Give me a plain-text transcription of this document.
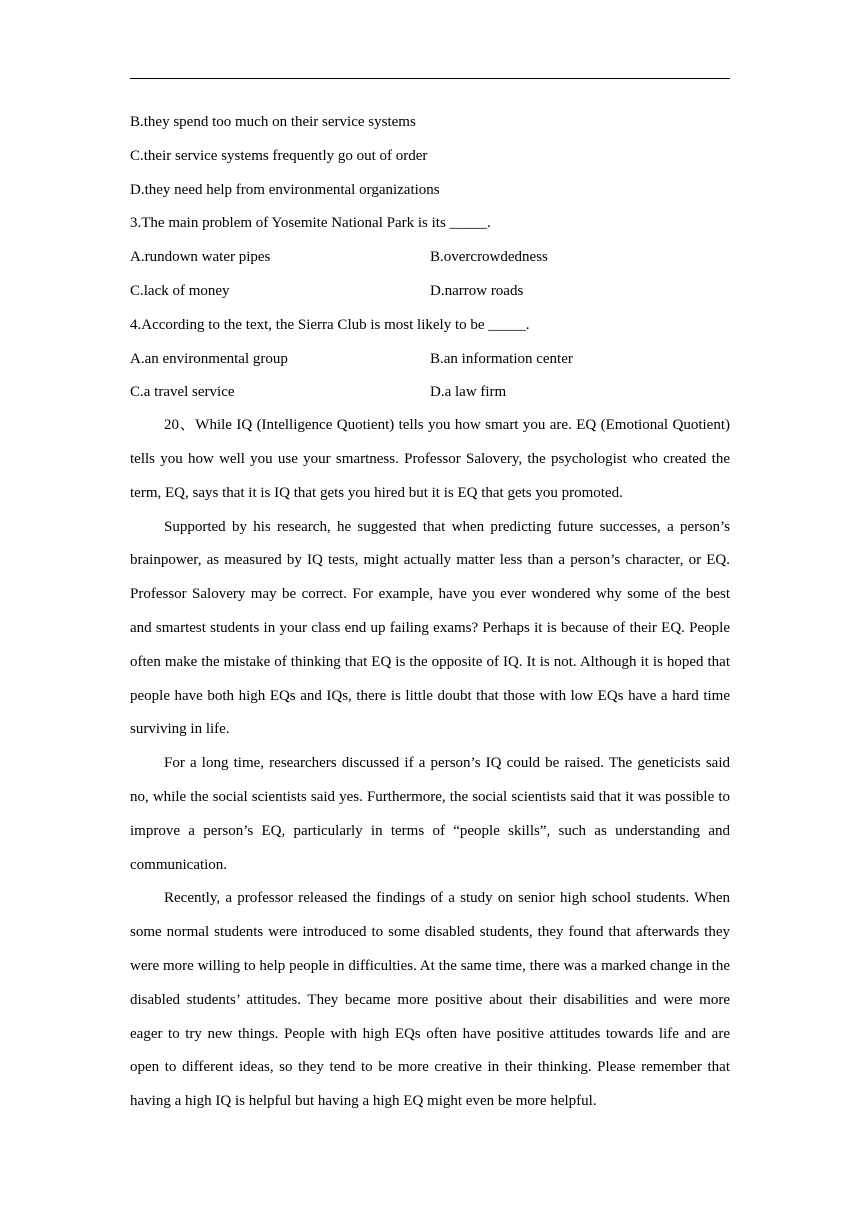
B.they spend too much on their service systems
C.their service systems frequently go out of order
D.they need help from environmental organizations
3.The main problem of Yosemite National Park is its _____.
A.rundown water pipes	B.overcrowdedness
C.lack of money	D.narrow roads
4.According to the text, the Sierra Club is most likely to be _____.
A.an environmental group	B.an information center
C.a travel service	D.a law firm

20、While IQ (Intelligence Quotient) tells you how smart you are. EQ (Emotional Quotient) tells you how well you use your smartness. Professor Salovery, the psychologist who created the term, EQ, says that it is IQ that gets you hired but it is EQ that gets you promoted.

Supported by his research, he suggested that when predicting future successes, a person’s brainpower, as measured by IQ tests, might actually matter less than a person’s character, or EQ. Professor Salovery may be correct. For example, have you ever wondered why some of the best and smartest students in your class end up failing exams? Perhaps it is because of their EQ. People often make the mistake of thinking that EQ is the opposite of IQ. It is not. Although it is hoped that people have both high EQs and IQs, there is little doubt that those with low EQs have a hard time surviving in life.

For a long time, researchers discussed if a person’s IQ could be raised. The geneticists said no, while the social scientists said yes. Furthermore, the social scientists said that it was possible to improve a person’s EQ, particularly in terms of “people skills”, such as understanding and communication.

Recently, a professor released the findings of a study on senior high school students. When some normal students were introduced to some disabled students, they found that afterwards they were more willing to help people in difficulties. At the same time, there was a marked change in the disabled students’ attitudes. They became more positive about their disabilities and were more eager to try new things. People with high EQs often have positive attitudes towards life and are open to different ideas, so they tend to be more creative in their thinking. Please remember that having a high IQ is helpful but having a high EQ might even be more helpful.
